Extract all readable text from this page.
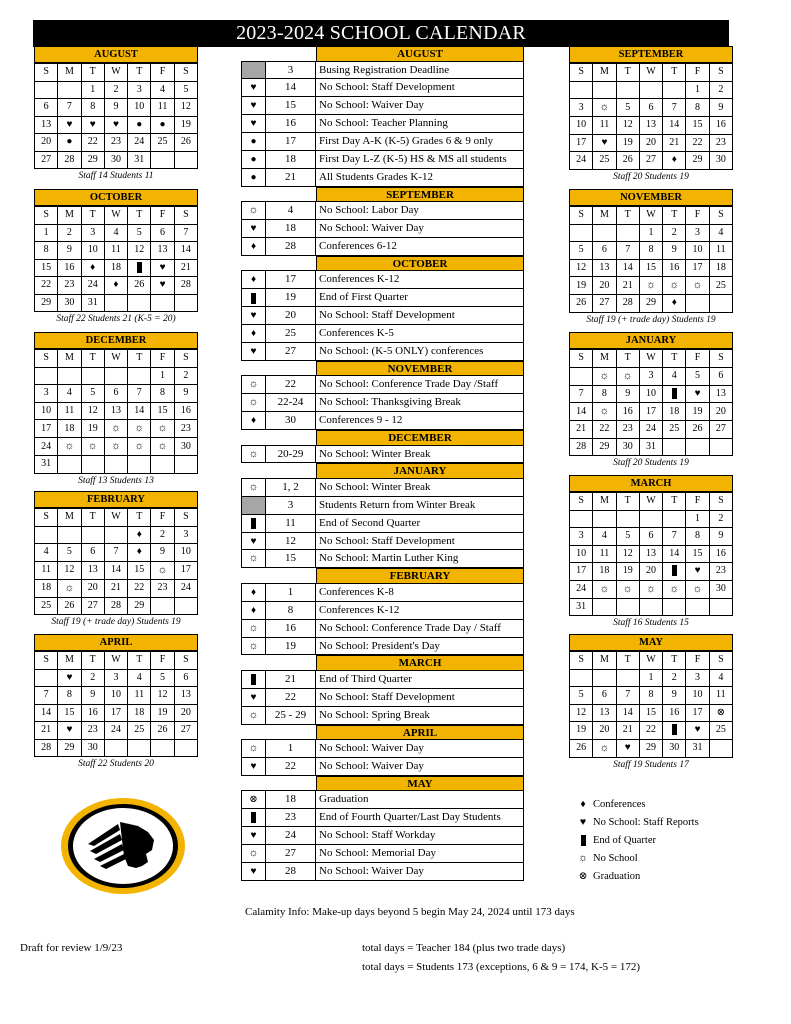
2023-2024 SCHOOL CALENDAR
AUGUST
3	Busing Registration Deadline
♥	14	No School: Staff Development
♥	15	No School: Waiver Day
♥	16	No School: Teacher Planning
●	17	First Day A-K (K-5) Grades 6 & 9 only
●	18	First Day L-Z (K-5) HS & MS all students
●	21	All Students Grades K-12
SEPTEMBER
☼	4	No School: Labor Day
♥	18	No School: Waiver Day
♦	28	Conferences 6-12
OCTOBER
♦	17	Conferences K-12
19	End of First Quarter
♥	20	No School: Staff Development
♦	25	Conferences K-5
♥	27	No School: (K-5 ONLY) conferences
NOVEMBER
☼	22	No School: Conference Trade Day /Staff
☼	22-24	No School: Thanksgiving Break
♦	30	Conferences 9 - 12
DECEMBER
☼	20-29	No School: Winter Break
JANUARY
☼	1, 2	No School: Winter Break
3	Students Return from Winter Break
11	End of Second Quarter
♥	12	No School: Staff Development
☼	15	No School: Martin Luther King
FEBRUARY
♦	1	Conferences K-8
♦	8	Conferences K-12
☼	16	No School: Conference Trade Day / Staff
☼	19	No School: President's Day
MARCH
21	End of Third Quarter
♥	22	No School: Staff Development
☼	25 - 29	No School: Spring Break
APRIL
☼	1	No School: Waiver Day
♥	22	No School: Waiver Day
MAY
⊗	18	Graduation
23	End of Fourth Quarter/Last Day Students
♥	24	No School: Staff Workday
☼	27	No School: Memorial Day
♥	28	No School: Waiver Day
♦ Conferences
♥ No School: Staff Reports
End of Quarter
☼ No School
⊗ Graduation
Calamity Info: Make-up days beyond 5 begin May 24, 2024 until 173 days
Draft for review 1/9/23	total days = Teacher 184 (plus two trade days)
total days = Students 173 (exceptions, 6 & 9 = 174, K-5 = 172)
AUGUST
S	M	T	W	T	F	S
		1	2	3	4	5
6	7	8	9	10	11	12
13	♥	♥	♥	●	●	19
20	●	22	23	24	25	26
27	28	29	30	31		
Staff 14 Students 11
OCTOBER
S	M	T	W	T	F	S
1	2	3	4	5	6	7
8	9	10	11	12	13	14
15	16	♦	18		♥	21
22	23	24	♦	26	♥	28
29	30	31				
Staff 22 Students 21 (K-5 = 20)
DECEMBER
S	M	T	W	T	F	S
					1	2
3	4	5	6	7	8	9
10	11	12	13	14	15	16
17	18	19	☼	☼	☼	23
24	☼	☼	☼	☼	☼	30
31						
Staff 13 Students 13
FEBRUARY
S	M	T	W	T	F	S
				♦	2	3
4	5	6	7	♦	9	10
11	12	13	14	15	☼	17
18	☼	20	21	22	23	24
25	26	27	28	29		
Staff 19 (+ trade day) Students 19
APRIL
S	M	T	W	T	F	S
	♥	2	3	4	5	6
7	8	9	10	11	12	13
14	15	16	17	18	19	20
21	♥	23	24	25	26	27
28	29	30				
Staff 22 Students 20
SEPTEMBER
S	M	T	W	T	F	S
					1	2
3	☼	5	6	7	8	9
10	11	12	13	14	15	16
17	♥	19	20	21	22	23
24	25	26	27	♦	29	30
Staff 20 Students 19
NOVEMBER
S	M	T	W	T	F	S
			1	2	3	4
5	6	7	8	9	10	11
12	13	14	15	16	17	18
19	20	21	☼	☼	☼	25
26	27	28	29	♦		
Staff 19 (+ trade day) Students 19
JANUARY
S	M	T	W	T	F	S
	☼	☼	3	4	5	6
7	8	9	10		♥	13
14	☼	16	17	18	19	20
21	22	23	24	25	26	27
28	29	30	31			
Staff 20 Students 19
MARCH
S	M	T	W	T	F	S
					1	2
3	4	5	6	7	8	9
10	11	12	13	14	15	16
17	18	19	20		♥	23
24	☼	☼	☼	☼	☼	30
31						
Staff 16 Students 15
MAY
S	M	T	W	T	F	S
			1	2	3	4
5	6	7	8	9	10	11
12	13	14	15	16	17	⊗
19	20	21	22		♥	25
26	☼	♥	29	30	31	
Staff 19 Students 17
